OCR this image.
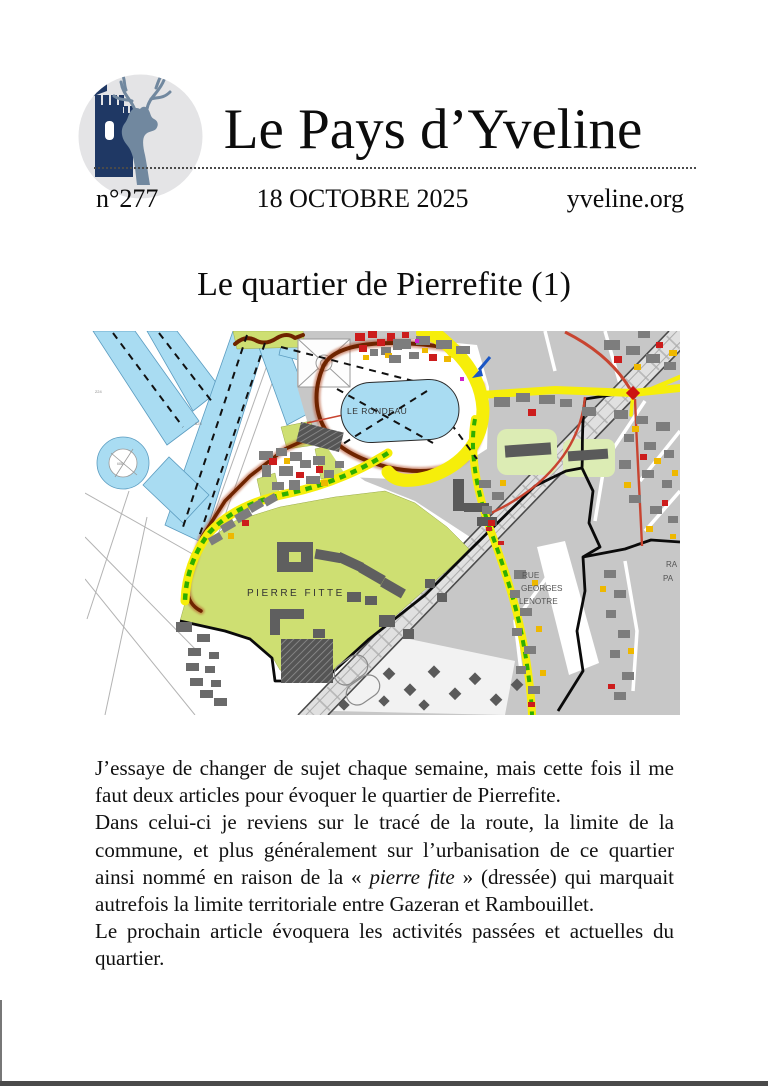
Le Pays d’Yveline
n°277	18 OCTOBRE 2025	yveline.org
Le quartier de Pierrefite (1)
LE RONDEAU
PIERRE FITTE
RUE
GEORGES
LENOTRE
RA
PA
224
825
688

J’essaye de changer de sujet chaque semaine, mais cette fois il me faut deux articles pour évoquer le quartier de Pierrefite.

Dans celui-ci je reviens sur le tracé de la route, la limite de la commune, et plus généralement sur l’urbanisation de ce quartier ainsi nommé en raison de la « pierre fite » (dressée) qui marquait autrefois la limite territoriale entre Gazeran et Rambouillet.

Le prochain article évoquera les activités passées et actuelles du quartier.
